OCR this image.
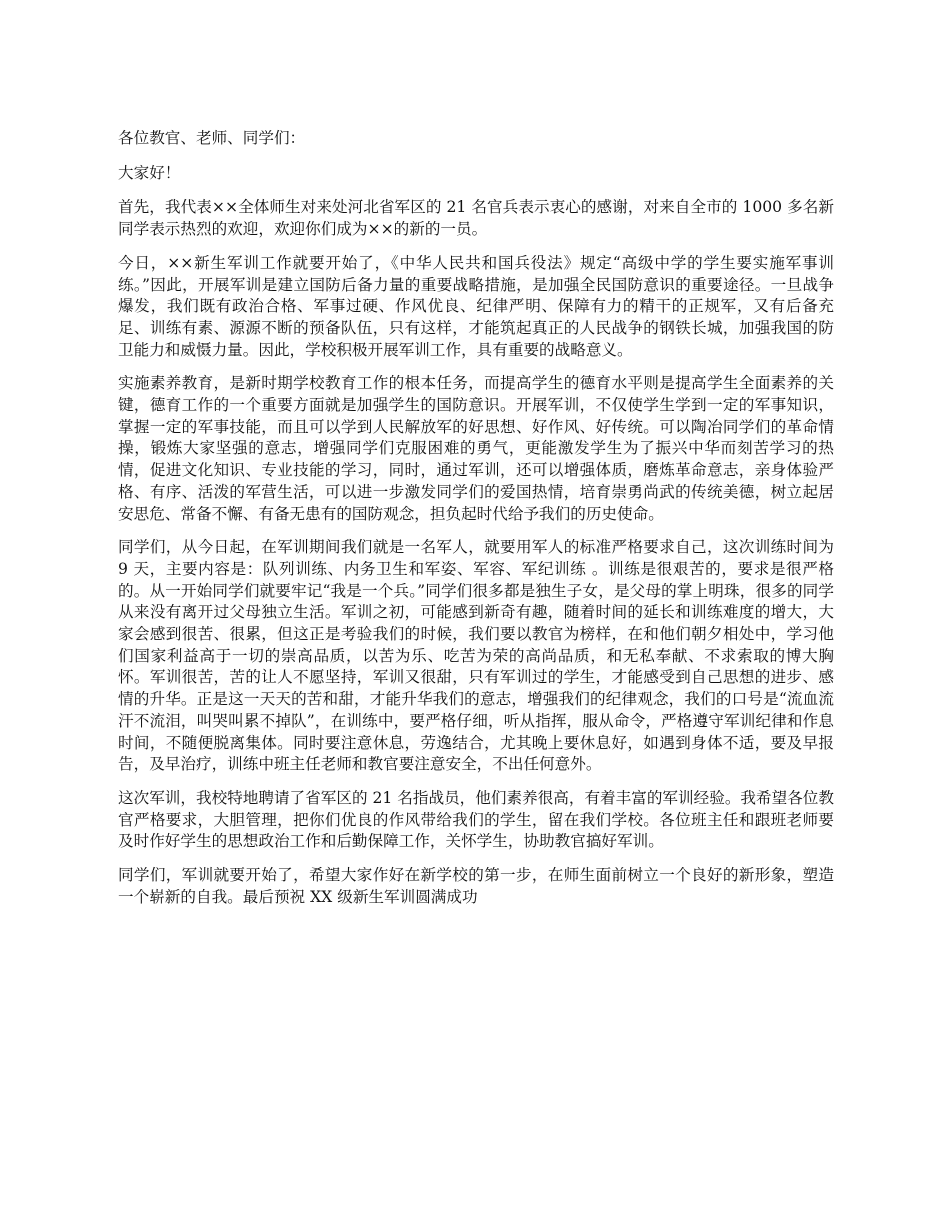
各位教官、老师、同学们：

大家好！

首先，我代表××全体师生对来处河北省军区的 21 名官兵表示衷心的感谢，对来自全市的 1000 多名新同学表示热烈的欢迎，欢迎你们成为××的新的一员。

今日，××新生军训工作就要开始了，《中华人民共和国兵役法》规定“高级中学的学生要实施军事训练。”因此，开展军训是建立国防后备力量的重要战略措施，是加强全民国防意识的重要途径。一旦战争爆发，我们既有政治合格、军事过硬、作风优良、纪律严明、保障有力的精干的正规军，又有后备充足、训练有素、源源不断的预备队伍，只有这样，才能筑起真正的人民战争的钢铁长城，加强我国的防卫能力和威慑力量。因此，学校积极开展军训工作，具有重要的战略意义。

实施素养教育，是新时期学校教育工作的根本任务，而提高学生的德育水平则是提高学生全面素养的关键，德育工作的一个重要方面就是加强学生的国防意识。开展军训，不仅使学生学到一定的军事知识，掌握一定的军事技能，而且可以学到人民解放军的好思想、好作风、好传统。可以陶冶同学们的革命情操，锻炼大家坚强的意志，增强同学们克服困难的勇气，更能激发学生为了振兴中华而刻苦学习的热情，促进文化知识、专业技能的学习，同时，通过军训，还可以增强体质，磨炼革命意志，亲身体验严格、有序、活泼的军营生活，可以进一步激发同学们的爱国热情，培育崇勇尚武的传统美德，树立起居安思危、常备不懈、有备无患有的国防观念，担负起时代给予我们的历史使命。

同学们，从今日起，在军训期间我们就是一名军人，就要用军人的标准严格要求自己，这次训练时间为 9 天，主要内容是：队列训练、内务卫生和军姿、军容、军纪训练 。训练是很艰苦的，要求是很严格的。从一开始同学们就要牢记“我是一个兵。”同学们很多都是独生子女，是父母的掌上明珠，很多的同学从来没有离开过父母独立生活。军训之初，可能感到新奇有趣，随着时间的延长和训练难度的增大，大家会感到很苦、很累，但这正是考验我们的时候，我们要以教官为榜样，在和他们朝夕相处中，学习他们国家利益高于一切的崇高品质，以苦为乐、吃苦为荣的高尚品质，和无私奉献、不求索取的博大胸怀。军训很苦，苦的让人不愿坚持，军训又很甜，只有军训过的学生，才能感受到自己思想的进步、感情的升华。正是这一天天的苦和甜，才能升华我们的意志，增强我们的纪律观念，我们的口号是“流血流汗不流泪，叫哭叫累不掉队”，在训练中，要严格仔细，听从指挥，服从命令，严格遵守军训纪律和作息时间，不随便脱离集体。同时要注意休息，劳逸结合，尤其晚上要休息好，如遇到身体不适，要及早报告，及早治疗，训练中班主任老师和教官要注意安全，不出任何意外。

这次军训，我校特地聘请了省军区的 21 名指战员，他们素养很高，有着丰富的军训经验。我希望各位教官严格要求，大胆管理，把你们优良的作风带给我们的学生，留在我们学校。各位班主任和跟班老师要及时作好学生的思想政治工作和后勤保障工作，关怀学生，协助教官搞好军训。

同学们，军训就要开始了，希望大家作好在新学校的第一步，在师生面前树立一个良好的新形象，塑造一个崭新的自我。最后预祝 XX 级新生军训圆满成功
